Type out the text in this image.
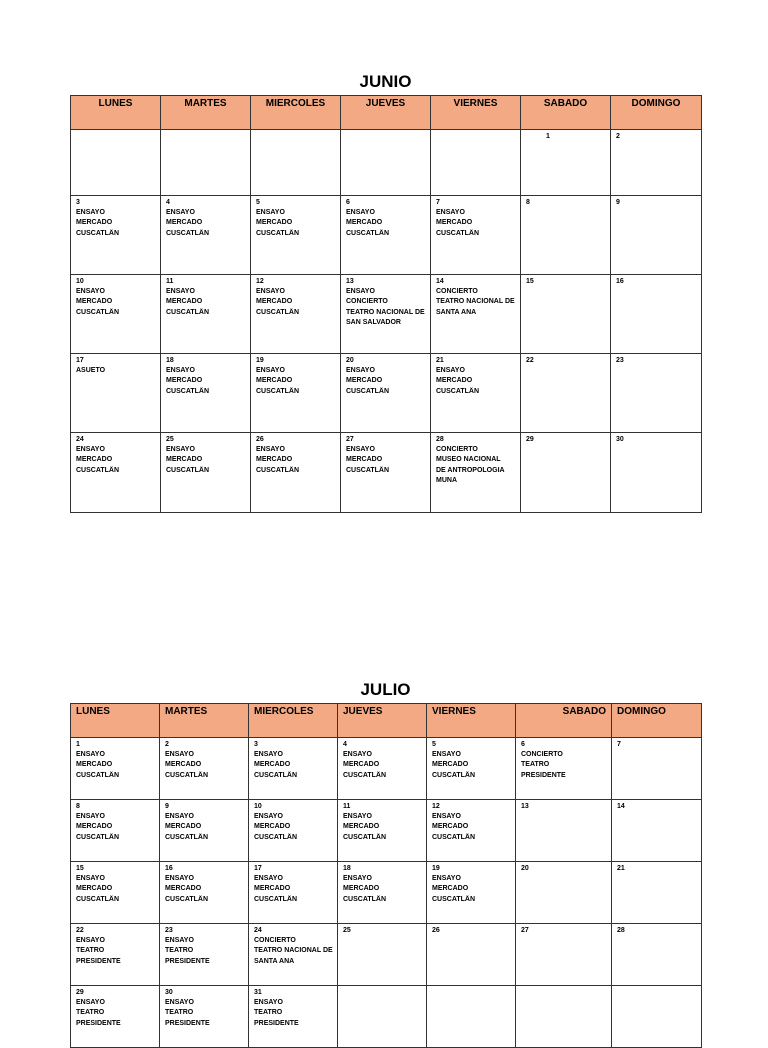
JUNIO
LUNES	MARTES	MIERCOLES	JUEVES	VIERNES	SABADO	DOMINGO

					1	2

3
ENSAYO
MERCADO
CUSCATLÂN	4
ENSAYO
MERCADO
CUSCATLÂN	5
ENSAYO
MERCADO
CUSCATLÂN	6
ENSAYO
MERCADO
CUSCATLÂN	7
ENSAYO
MERCADO
CUSCATLÂN	8	9

10
ENSAYO
MERCADO
CUSCATLÂN	11
ENSAYO
MERCADO
CUSCATLÂN	12
ENSAYO
MERCADO
CUSCATLÂN	13
ENSAYO
CONCIERTO
TEATRO NACIONAL DE
SAN SALVADOR	14
CONCIERTO
TEATRO NACIONAL DE
SANTA ANA	15	16

17
ASUETO	18
ENSAYO
MERCADO
CUSCATLÂN	19
ENSAYO
MERCADO
CUSCATLÂN	20
ENSAYO
MERCADO
CUSCATLÂN	21
ENSAYO
MERCADO
CUSCATLÂN	22	23

24
ENSAYO
MERCADO
CUSCATLÂN	25
ENSAYO
MERCADO
CUSCATLÂN	26
ENSAYO
MERCADO
CUSCATLÂN	27
ENSAYO
MERCADO
CUSCATLÂN	28
CONCIERTO
MUSEO NACIONAL
DE ANTROPOLOGIA
MUNA	29	30
JULIO
LUNES	MARTES	MIERCOLES	JUEVES	VIERNES	SABADO	DOMINGO

1
ENSAYO
MERCADO
CUSCATLÂN	2
ENSAYO
MERCADO
CUSCATLÂN	3
ENSAYO
MERCADO
CUSCATLÂN	4
ENSAYO
MERCADO
CUSCATLÂN	5
ENSAYO
MERCADO
CUSCATLÂN	6
CONCIERTO
TEATRO
PRESIDENTE	7

8
ENSAYO
MERCADO
CUSCATLÂN	9
ENSAYO
MERCADO
CUSCATLÂN	10
ENSAYO
MERCADO
CUSCATLÂN	11
ENSAYO
MERCADO
CUSCATLÂN	12
ENSAYO
MERCADO
CUSCATLÂN	13	14

15
ENSAYO
MERCADO
CUSCATLÂN	16
ENSAYO
MERCADO
CUSCATLÂN	17
ENSAYO
MERCADO
CUSCATLÂN	18
ENSAYO
MERCADO
CUSCATLÂN	19
ENSAYO
MERCADO
CUSCATLÂN	20	21

22
ENSAYO
TEATRO
PRESIDENTE	23
ENSAYO
TEATRO
PRESIDENTE	24
CONCIERTO
TEATRO NACIONAL DE
SANTA ANA	25	26	27	28

29
ENSAYO
TEATRO
PRESIDENTE	30
ENSAYO
TEATRO
PRESIDENTE	31
ENSAYO
TEATRO
PRESIDENTE				
